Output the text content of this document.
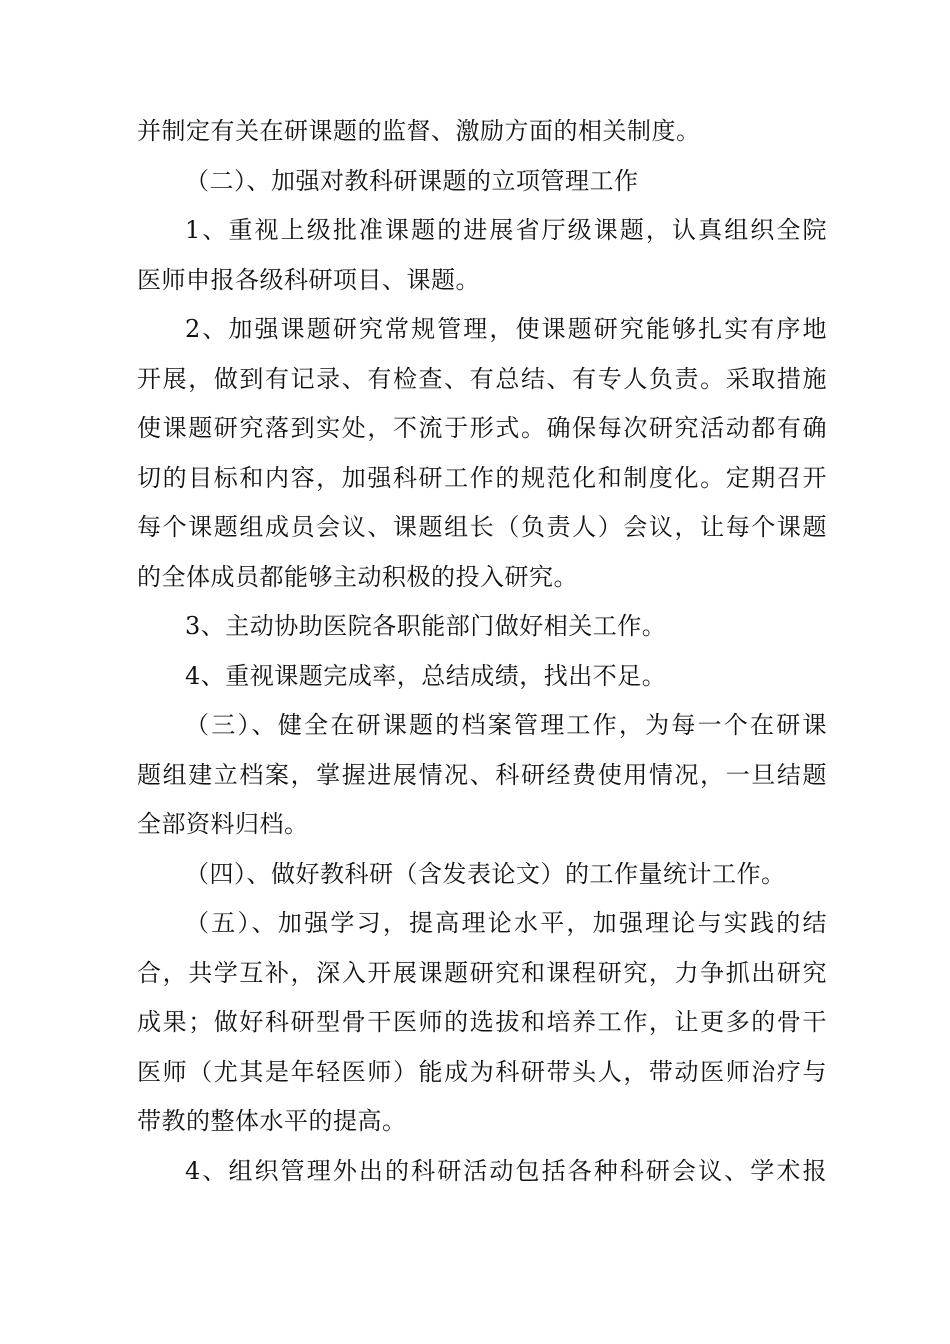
并制定有关在研课题的监督、激励方面的相关制度。
（二）、加强对教科研课题的立项管理工作
1、重视上级批准课题的进展省厅级课题，认真组织全院
医师申报各级科研项目、课题。
2、加强课题研究常规管理，使课题研究能够扎实有序地
开展，做到有记录、有检查、有总结、有专人负责。采取措施
使课题研究落到实处，不流于形式。确保每次研究活动都有确
切的目标和内容，加强科研工作的规范化和制度化。定期召开
每个课题组成员会议、课题组长（负责人）会议，让每个课题
的全体成员都能够主动积极的投入研究。
3、主动协助医院各职能部门做好相关工作。
4、重视课题完成率，总结成绩，找出不足。
（三）、健全在研课题的档案管理工作，为每一个在研课
题组建立档案，掌握进展情况、科研经费使用情况，一旦结题
全部资料归档。
（四）、做好教科研（含发表论文）的工作量统计工作。
（五）、加强学习，提高理论水平，加强理论与实践的结
合，共学互补，深入开展课题研究和课程研究，力争抓出研究
成果；做好科研型骨干医师的选拔和培养工作，让更多的骨干
医师（尤其是年轻医师）能成为科研带头人，带动医师治疗与
带教的整体水平的提高。
4、组织管理外出的科研活动包括各种科研会议、学术报
